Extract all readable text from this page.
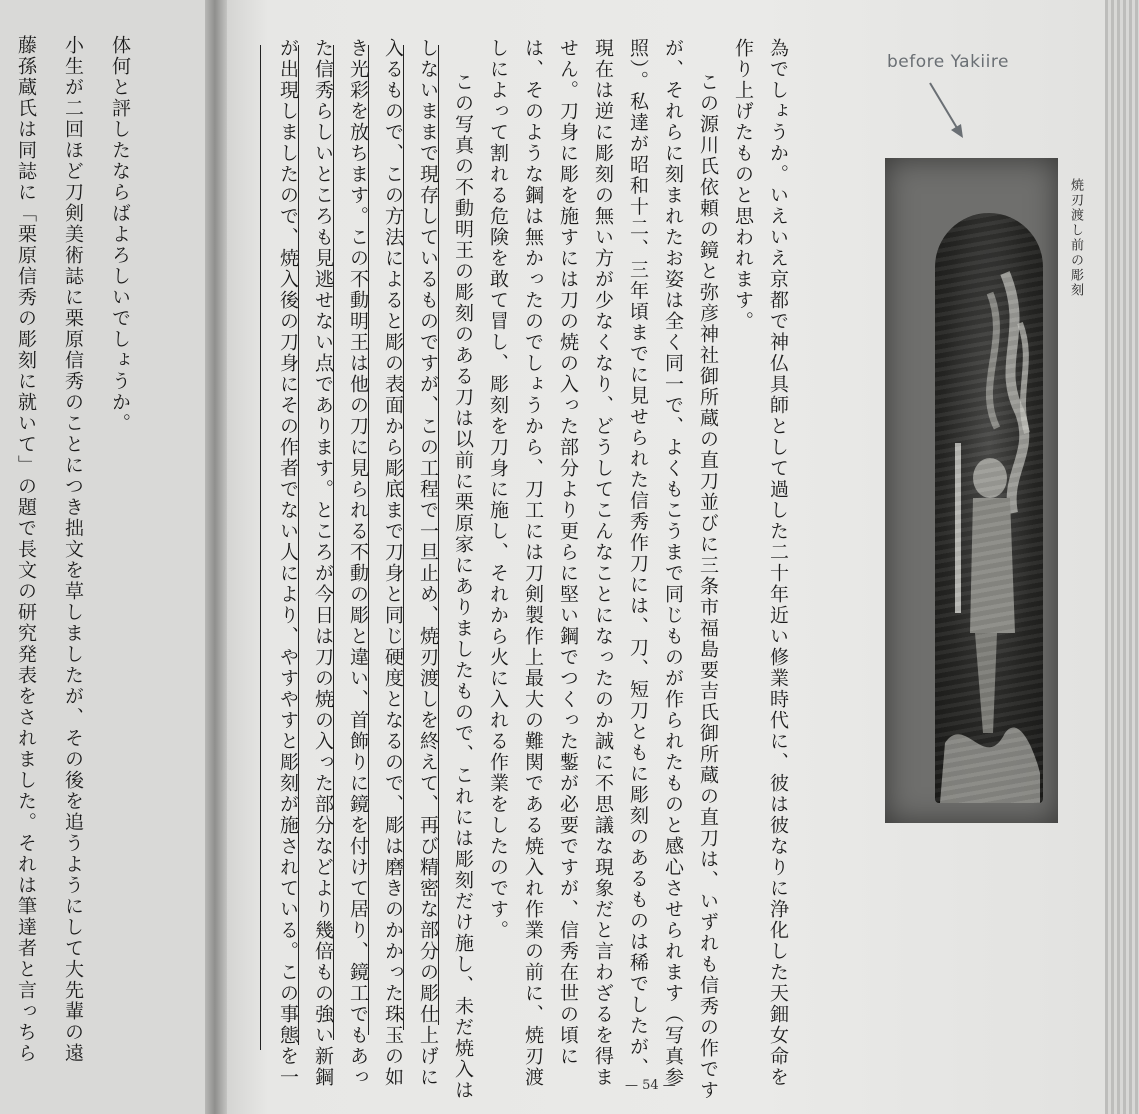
藤孫蔵氏は同誌に「栗原信秀の彫刻に就いて」の題で長文の研究発表をされました。それは筆達者と言っちら 小生が二回ほど刀剣美術誌に栗原信秀のことにつき拙文を草しましたが、その後を追うようにして大先輩の遠 体何と評したならばよろしいでしょうか。	為でしょうか。いえいえ京都で神仏具師として過した二十年近い修業時代に、彼は彼なりに浄化した天鈿女命を
作り上げたものと思われます。
この源川氏依頼の鏡と弥彦神社御所蔵の直刀並びに三条市福島要吉氏御所蔵の直刀は、いずれも信秀の作です
が、それらに刻まれたお姿は全く同一で、よくもこうまで同じものが作られたものと感心させられます（写真参
照）。私達が昭和十二、三年頃までに見せられた信秀作刀には、刀、短刀ともに彫刻のあるものは稀でしたが、
現在は逆に彫刻の無い方が少なくなり、どうしてこんなことになったのか誠に不思議な現象だと言わざるを得ま
せん。刀身に彫を施すには刀の焼の入った部分より更らに堅い鋼でつくった鏨が必要ですが、信秀在世の頃に
は、そのような鋼は無かったのでしょうから、刀工には刀剣製作上最大の難関である焼入れ作業の前に、焼刃渡
しによって割れる危険を敢て冒し、彫刻を刀身に施し、それから火に入れる作業をしたのです。
この写真の不動明王の彫刻のある刀は以前に栗原家にありましたもので、これには彫刻だけ施し、未だ焼入は
しないままで現存しているものですが、この工程で一旦止め、焼刃渡しを終えて、再び精密な部分の彫仕上げに
入るもので、この方法によると彫の表面から彫底まで刀身と同じ硬度となるので、彫は磨きのかかった珠玉の如
き光彩を放ちます。この不動明王は他の刀に見られる不動の彫と違い、首飾りに鏡を付けて居り、鏡工でもあっ
た信秀らしいところも見逃せない点であります。ところが今日は刀の焼の入った部分などより幾倍もの強い新鋼
が出現しましたので、焼入後の刀身にその作者でない人により、やすやすと彫刻が施されている。この事態を一	焼刃渡し前の彫刻
before Yakiire
— 54 —
